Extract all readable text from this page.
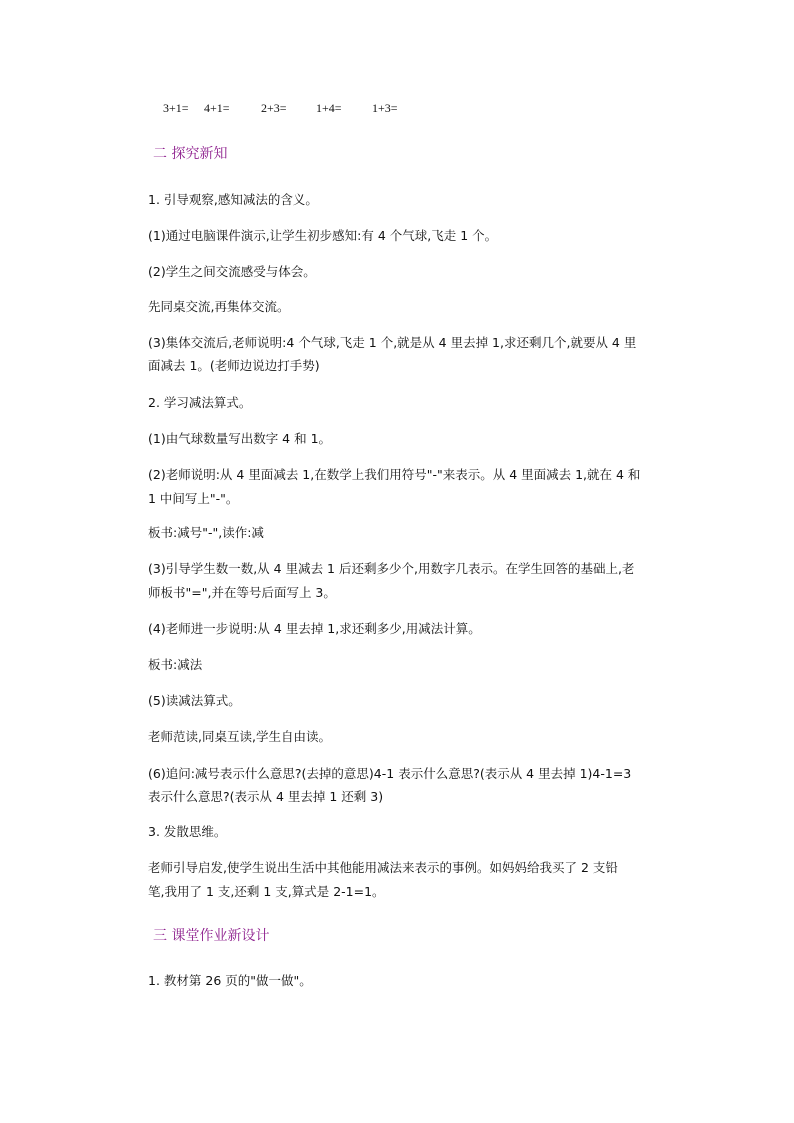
3+1= 4+1=	2+3= 1+4=	1+3=
二 探究新知
1. 引导观察,感知减法的含义。
(1)通过电脑课件演示,让学生初步感知:有 4 个气球,飞走 1 个。
(2)学生之间交流感受与体会。
先同桌交流,再集体交流。
(3)集体交流后,老师说明:4 个气球,飞走 1 个,就是从 4 里去掉 1,求还剩几个,就要从 4 里
面减去 1。(老师边说边打手势)
2. 学习减法算式。
(1)由气球数量写出数字 4 和 1。
(2)老师说明:从 4 里面减去 1,在数学上我们用符号"-"来表示。从 4 里面减去 1,就在 4 和
1 中间写上"-"。
板书:减号"-",读作:减
(3)引导学生数一数,从 4 里减去 1 后还剩多少个,用数字几表示。在学生回答的基础上,老
师板书"=",并在等号后面写上 3。
(4)老师进一步说明:从 4 里去掉 1,求还剩多少,用减法计算。
板书:减法
(5)读减法算式。
老师范读,同桌互读,学生自由读。
(6)追问:减号表示什么意思?(去掉的意思)4-1 表示什么意思?(表示从 4 里去掉 1)4-1=3
表示什么意思?(表示从 4 里去掉 1 还剩 3)
3. 发散思维。
老师引导启发,使学生说出生活中其他能用减法来表示的事例。如妈妈给我买了 2 支铅
笔,我用了 1 支,还剩 1 支,算式是 2-1=1。
三 课堂作业新设计
1. 教材第 26 页的"做一做"。
